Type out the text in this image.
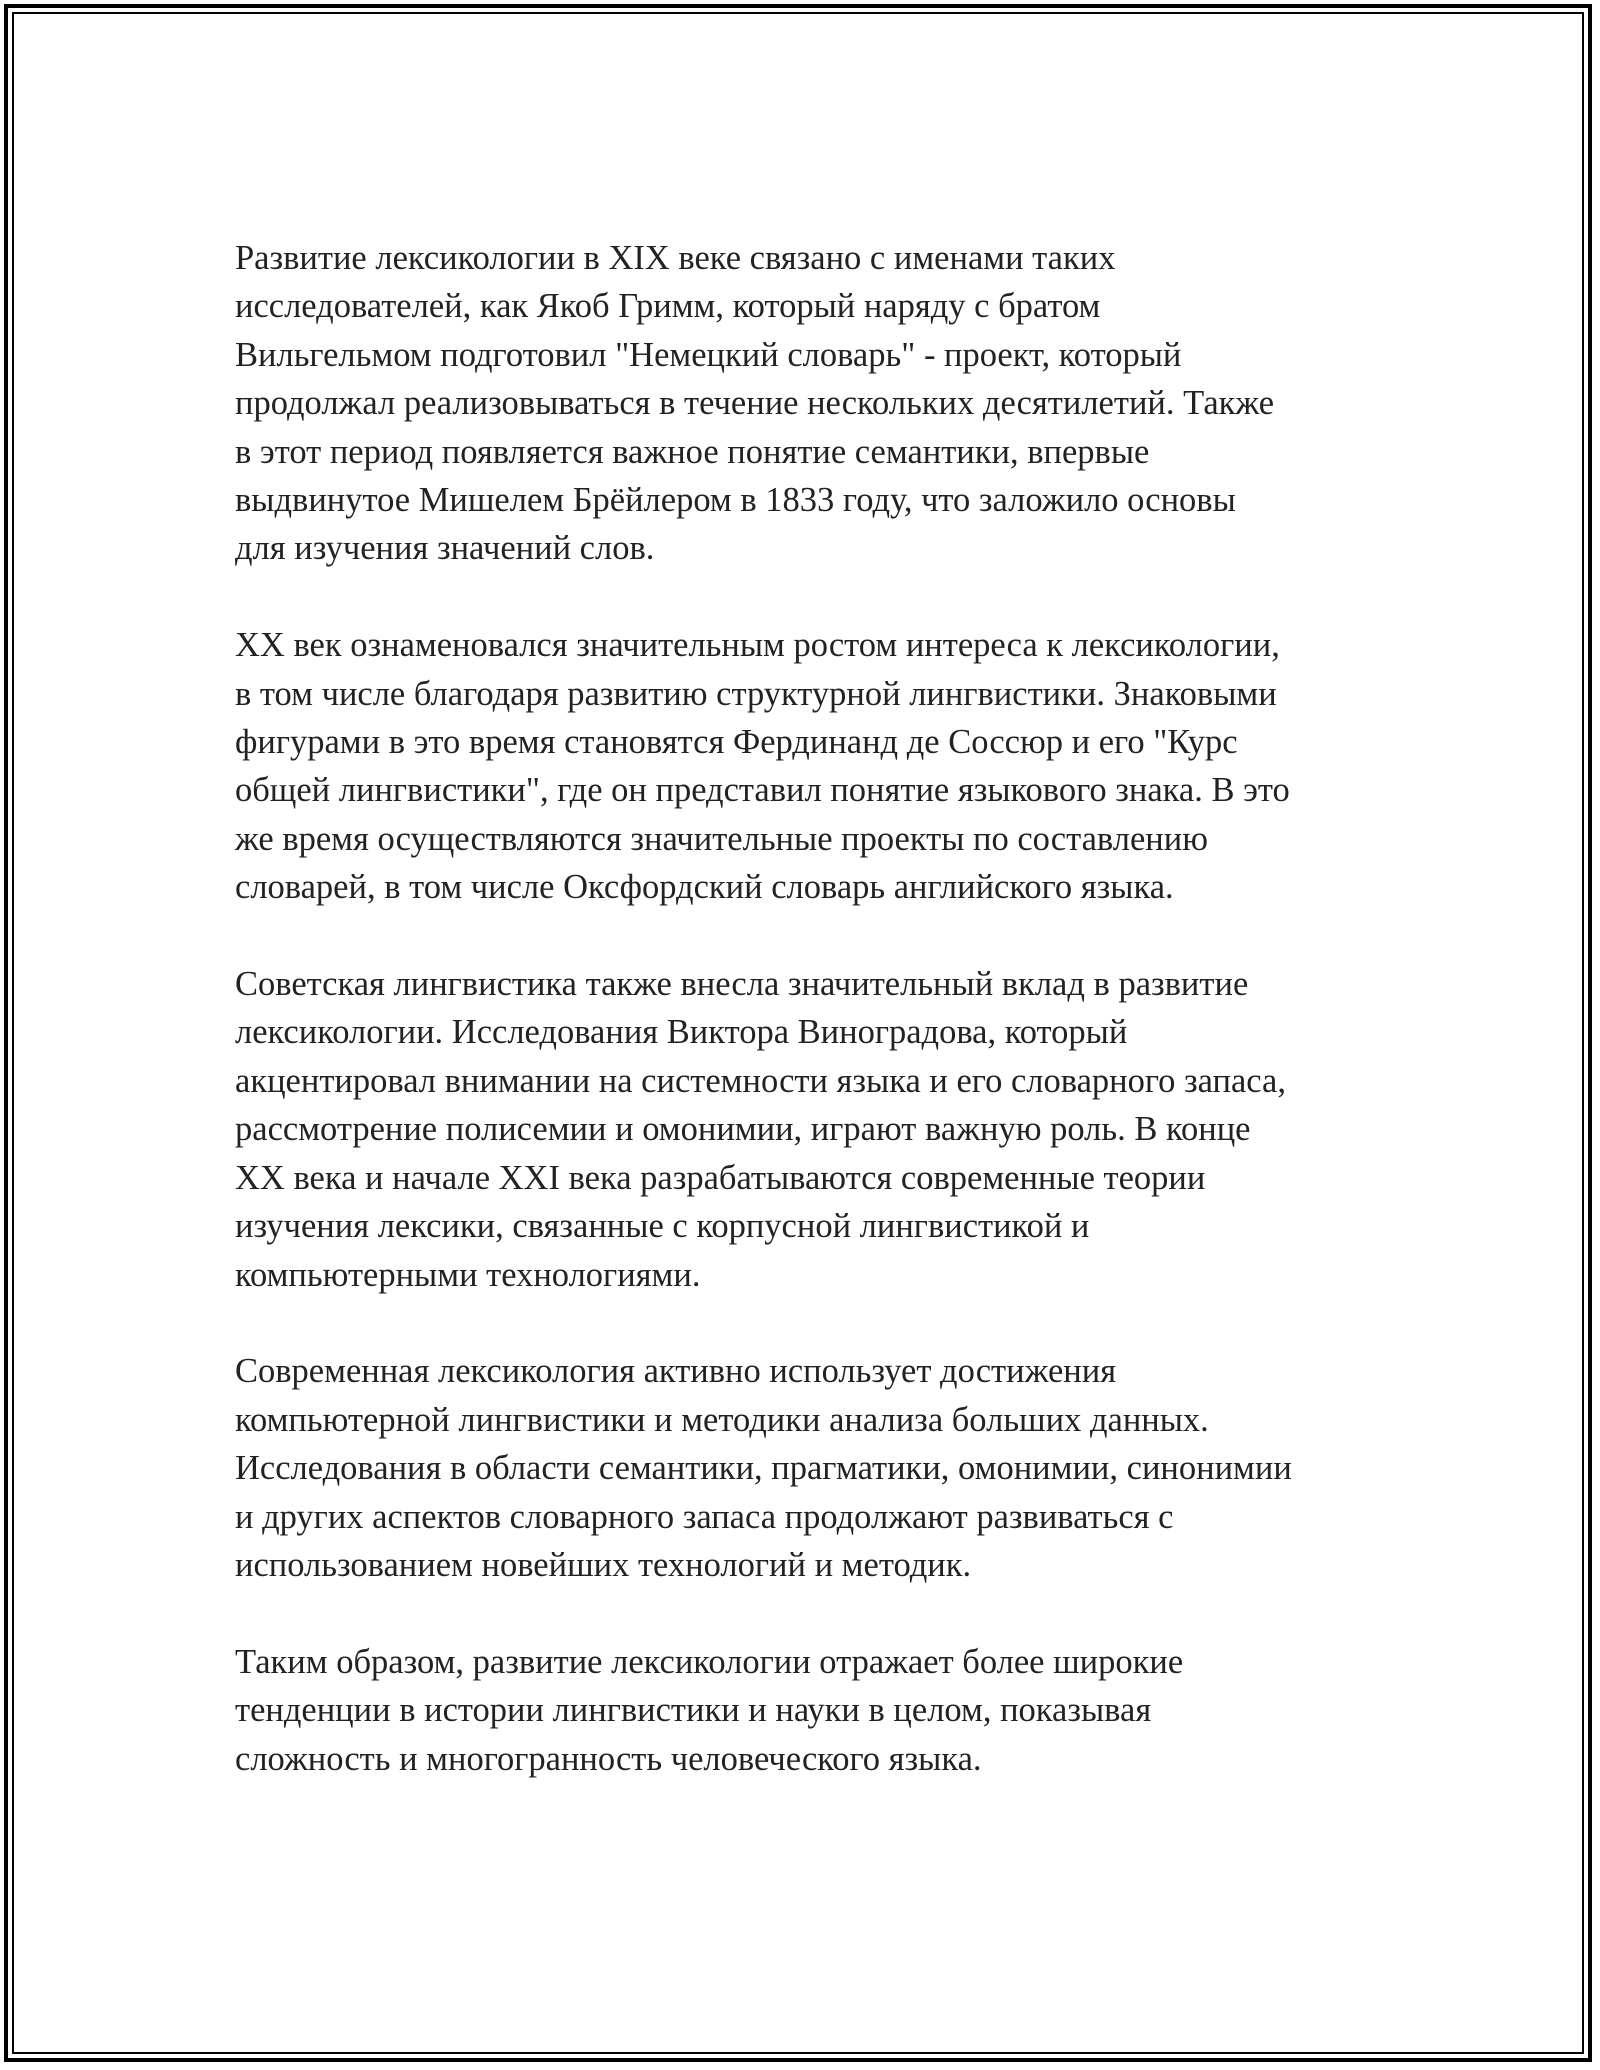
Развитие лексикологии в XIX веке связано с именами таких
исследователей, как Якоб Гримм, который наряду с братом
Вильгельмом подготовил "Немецкий словарь" - проект, который
продолжал реализовываться в течение нескольких десятилетий. Также
в этот период появляется важное понятие семантики, впервые
выдвинутое Мишелем Брёйлером в 1833 году, что заложило основы
для изучения значений слов.

XX век ознаменовался значительным ростом интереса к лексикологии,
в том числе благодаря развитию структурной лингвистики. Знаковыми
фигурами в это время становятся Фердинанд де Соссюр и его "Курс
общей лингвистики", где он представил понятие языкового знака. В это
же время осуществляются значительные проекты по составлению
словарей, в том числе Оксфордский словарь английского языка.

Советская лингвистика также внесла значительный вклад в развитие
лексикологии. Исследования Виктора Виноградова, который
акцентировал внимании на системности языка и его словарного запаса,
рассмотрение полисемии и омонимии, играют важную роль. В конце
XX века и начале XXI века разрабатываются современные теории
изучения лексики, связанные с корпусной лингвистикой и
компьютерными технологиями.

Современная лексикология активно использует достижения
компьютерной лингвистики и методики анализа больших данных.
Исследования в области семантики, прагматики, омонимии, синонимии
и других аспектов словарного запаса продолжают развиваться с
использованием новейших технологий и методик.

Таким образом, развитие лексикологии отражает более широкие
тенденции в истории лингвистики и науки в целом, показывая
сложность и многогранность человеческого языка.
